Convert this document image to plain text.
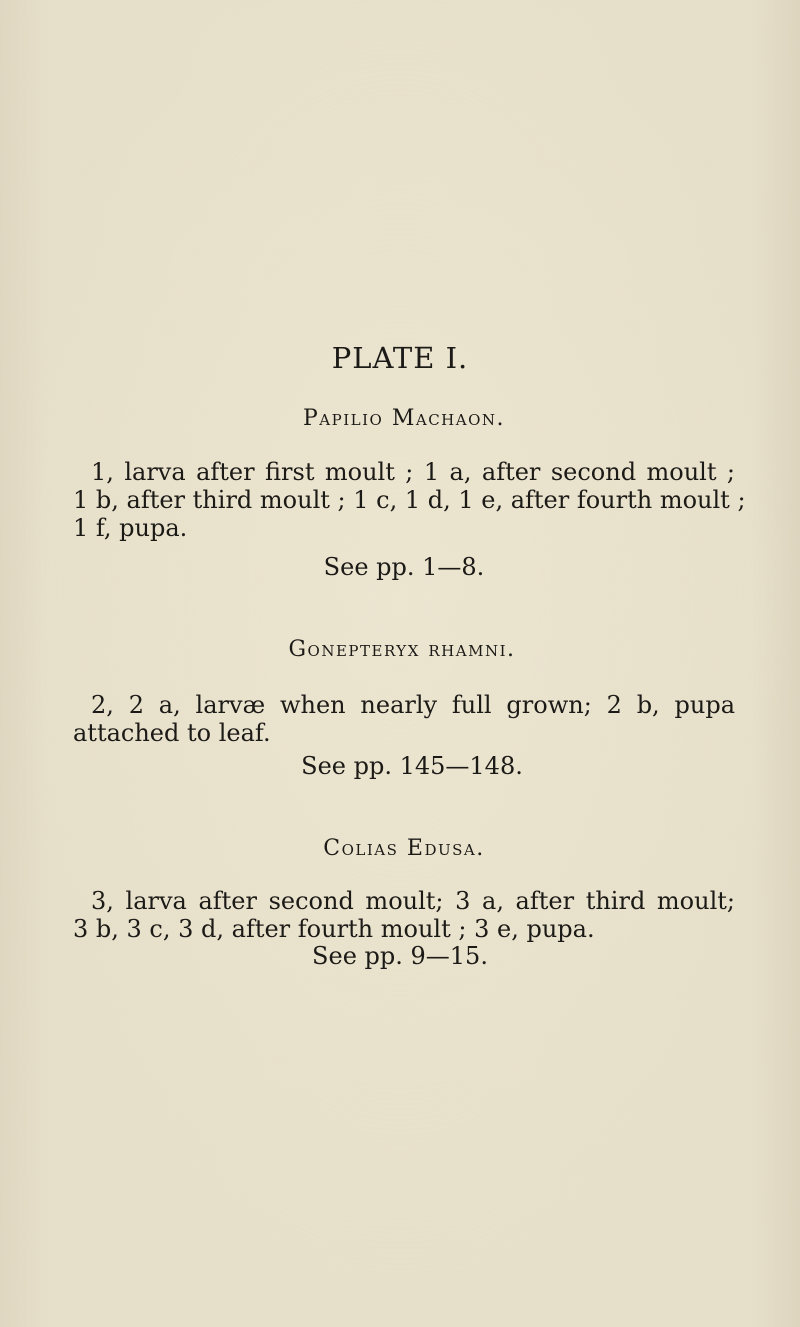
PLATE I.
Papilio Machaon.

1, larva after first moult ; 1 a, after second moult ;
1 b, after third moult ; 1 c, 1 d, 1 e, after fourth moult ;
1 f, pupa.

See pp. 1—8.

Gonepteryx rhamni.

2, 2 a, larvæ when nearly full grown; 2 b, pupa
attached to leaf.

See pp. 145—148.

Colias Edusa.

3, larva after second moult; 3 a, after third moult;
3 b, 3 c, 3 d, after fourth moult ; 3 e, pupa.

See pp. 9—15.
